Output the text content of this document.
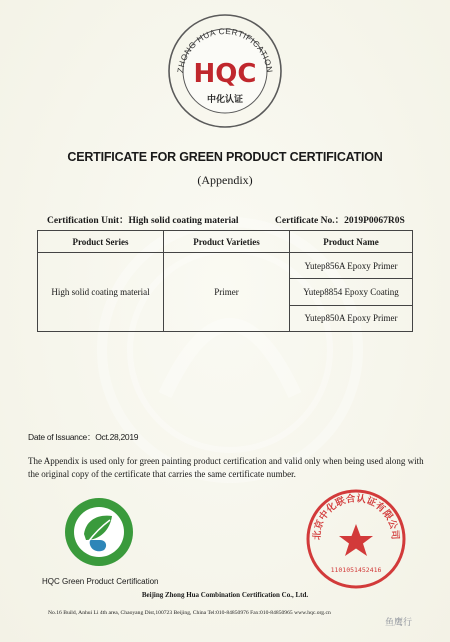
ZHONG HUA CERTIFICATION
HQC
中化认证
CERTIFICATE FOR GREEN PRODUCT CERTIFICATION
(Appendix)
Certification Unit：High solid coating material	Certificate No.：2019P0067R0S
Product Series	Product Varieties	Product Name
High solid coating material	Primer	Yutep856A Epoxy Primer
		Yutep8854 Epoxy Coating
		Yutep850A Epoxy Primer
Date of Issuance：Oct.28,2019
The Appendix is used only for green painting product certification and valid only when being used along with the original copy of the certificate that carries the same certificate number.
HQC Green Product Certification
北京中化联合认证有限公司
1101051452416
Beijing Zhong Hua Combination Certification Co., Ltd.
No.16 Build, Anhui Li 4th area, Chaoyang Dist,100723 Beijing, China Tel:010-84850976 Fax:010-84850965 www.hqc.org.cn
鱼鹰行
